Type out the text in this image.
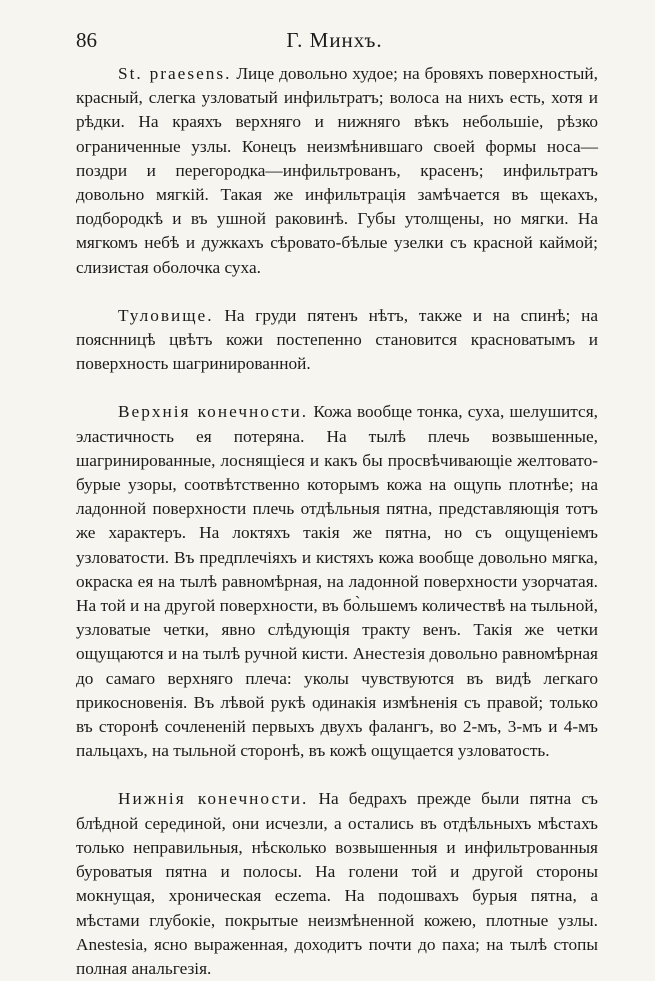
86	Г. Минхъ.

St. praesens. Лице довольно худое; на бровяхъ поверхностый, красный, слегка узловатый инфильтратъ; волоса на нихъ есть, хотя и рѣдки. На краяхъ верхняго и нижняго вѣкъ небольшіе, рѣзко ограниченные узлы. Конецъ неизмѣнившаго своей формы носа—поздри и перегородка—инфильтрованъ, красенъ; инфильтратъ довольно мягкій. Такая же инфильтрація замѣчается въ щекахъ, подбородкѣ и въ ушной раковинѣ. Губы утолщены, но мягки. На мягкомъ небѣ и дужкахъ сѣровато-бѣлые узелки съ красной каймой; слизистая оболочка суха.

Туловище. На груди пятенъ нѣтъ, также и на спинѣ; на пояснницѣ цвѣтъ кожи постепенно становится красноватымъ и поверхность шагринированной.

Верхнія конечности. Кожа вообще тонка, суха, шелушится, эластичность ея потеряна. На тылѣ плечь возвышенные, шагринированные, лоснящіеся и какъ бы просвѣчивающіе желтовато-бурые узоры, соотвѣтственно которымъ кожа на ощупь плотнѣе; на ладонной поверхности плечь отдѣльныя пятна, представляющія тотъ же характеръ. На локтяхъ такія же пятна, но съ ощущеніемъ узловатости. Въ предплечіяхъ и кистяхъ кожа вообще довольно мягка, окраска ея на тылѣ равномѣрная, на ладонной поверхности узорчатая. На той и на другой поверхности, въ бо̀льшемъ количествѣ на тыльной, узловатые четки, явно слѣдующія тракту венъ. Такія же четки ощущаются и на тылѣ ручной кисти. Анестезія довольно равномѣрная до самаго верхняго плеча: уколы чувствуются въ видѣ легкаго прикосновенія. Въ лѣвой рукѣ одинакія измѣненія съ правой; только въ сторонѣ сочлененій первыхъ двухъ фалангъ, во 2-мъ, 3-мъ и 4-мъ пальцахъ, на тыльной сторонѣ, въ кожѣ ощущается узловатость.

Нижнія конечности. На бедрахъ прежде были пятна съ блѣдной серединой, они исчезли, а остались въ отдѣльныхъ мѣстахъ только неправильныя, нѣсколько возвышенныя и инфильтрованныя буроватыя пятна и полосы. На голени той и другой стороны мокнущая, хроническая eczema. На подошвахъ бурыя пятна, а мѣстами глубокіе, покрытые неизмѣненной кожею, плотные узлы. Anestesia, ясно выраженная, доходитъ почти до паха; на тылѣ стопы полная анальгезія.
